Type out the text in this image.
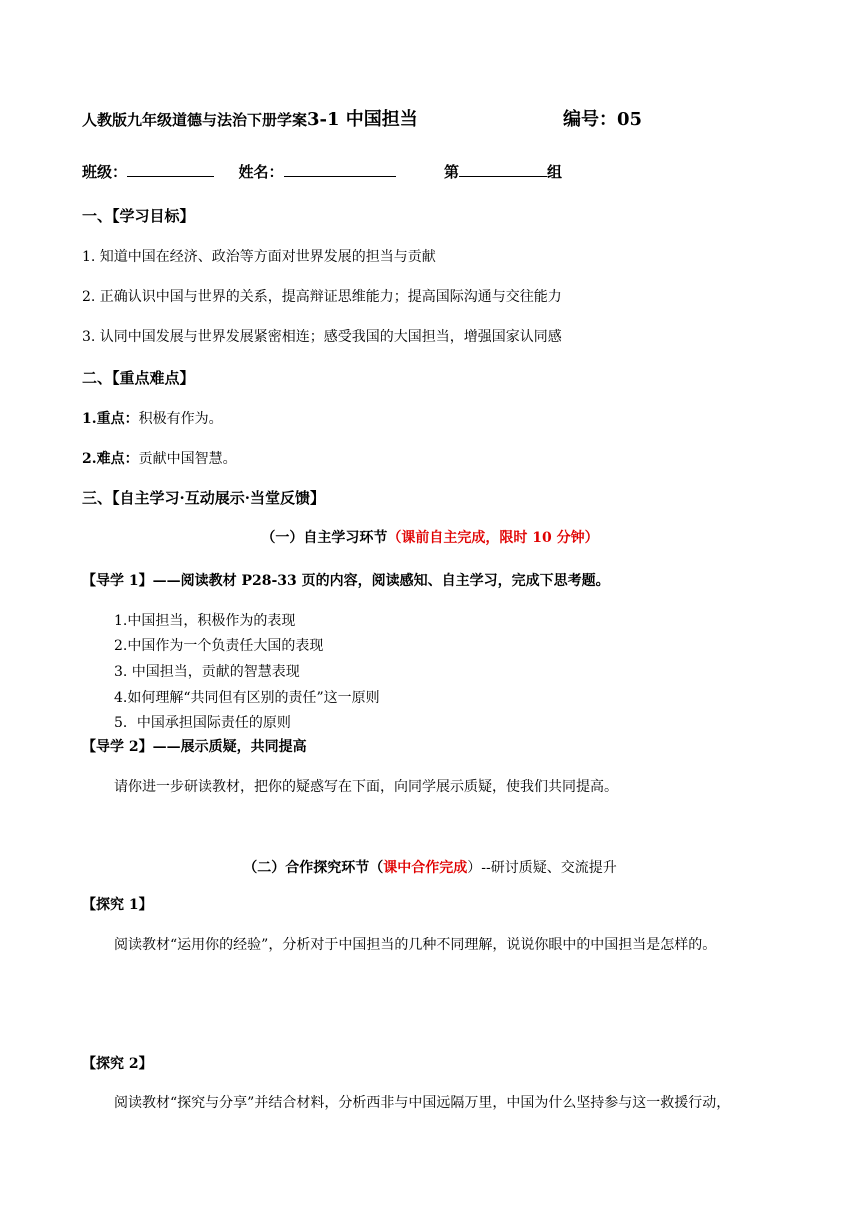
人教版九年级道德与法治下册学案3-1 中国担当	编号：05
班级：	姓名：	第	组
一、【学习目标】
1. 知道中国在经济、政治等方面对世界发展的担当与贡献
2. 正确认识中国与世界的关系，提高辩证思维能力；提高国际沟通与交往能力
3. 认同中国发展与世界发展紧密相连；感受我国的大国担当，增强国家认同感
二、【重点难点】
1.重点：积极有作为。
2.难点：贡献中国智慧。
三、【自主学习·互动展示·当堂反馈】
（一）自主学习环节（课前自主完成，限时 10 分钟）
【导学 1】——阅读教材 P28-33 页的内容，阅读感知、自主学习，完成下思考题。
1.中国担当，积极作为的表现
2.中国作为一个负责任大国的表现
3. 中国担当，贡献的智慧表现
4.如何理解“共同但有区别的责任”这一原则
5．中国承担国际责任的原则
【导学 2】——展示质疑，共同提高
请你进一步研读教材，把你的疑惑写在下面，向同学展示质疑，使我们共同提高。
（二）合作探究环节（课中合作完成）--研讨质疑、交流提升
【探究 1】
阅读教材“运用你的经验”，分析对于中国担当的几种不同理解，说说你眼中的中国担当是怎样的。
【探究 2】
阅读教材“探究与分享”并结合材料，分析西非与中国远隔万里，中国为什么坚持参与这一救援行动，
